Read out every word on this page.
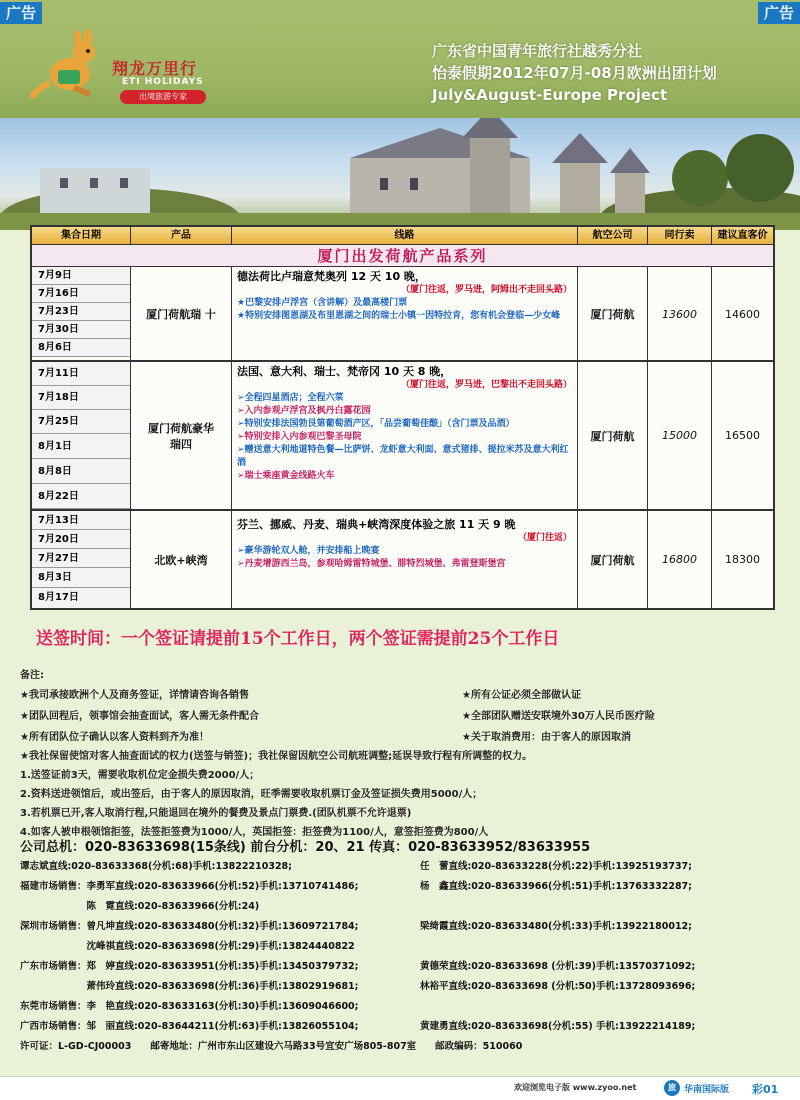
广告	广告
翔龙万里行
ETI HOLIDAYS
出境旅游专家
广东省中国青年旅行社越秀分社
怡泰假期2012年07月-08月欧洲出团计划
July&August-Europe Project
集合日期	产品	线路	航空公司	同行卖	建议直客价
厦门出发荷航产品系列
7月9日
7月16日
7月23日
7月30日
8月6日
厦门荷航瑞 十
德法荷比卢瑞意梵奥列 12 天 10 晚，
（厦门往返，罗马进，阿姆出不走回头路）
★巴黎安排卢浮宫（含讲解）及最高楼门票
★特别安排图恩湖及布里恩湖之间的瑞士小镇一因特拉肯，您有机会登临—少女峰	厦门荷航	13600	14600
7月11日
7月18日
7月25日
8月1日
8月8日
8月22日
厦门荷航豪华瑞四
法国、意大利、瑞士、梵帝冈 10 天 8 晚，
（厦门往返，罗马进，巴黎出不走回头路）
➢全程四星酒店；全程六菜
➢入内参观卢浮宫及枫丹白露花园
➢特别安排法国勃艮第葡萄酒产区，「品尝葡萄佳酿」（含门票及品酒）
➢特别安排入内参观巴黎圣母院
➢赠送意大利地道特色餐—比萨饼、龙虾意大利面、意式猪排、提拉米苏及意大利红酒
➢瑞士乘座黄金线路火车
厦门荷航	15000	16500
7月13日
7月20日
7月27日
8月3日
8月17日
北欧+峡湾
芬兰、挪威、丹麦、瑞典+峡湾深度体验之旅 11 天 9 晚
（厦门往返）
➢豪华游轮双人舱，并安排船上晚宴
➢丹麦增游西兰岛，参观哈姆雷特城堡、腓特烈城堡、弗雷登斯堡宫	厦门荷航	16800	18300
送签时间：一个签证请提前15个工作日，两个签证需提前25个工作日
备注:
★我司承接欧洲个人及商务签证，详情请咨询各销售
★团队回程后，领事馆会抽查面试，客人需无条件配合
★所有团队位子确认以客人资料到齐为准！
★所有公证必须全部做认证
★全部团队赠送安联境外30万人民币医疗险
★关于取消费用：由于客人的原因取消
★我社保留使馆对客人抽查面试的权力(送签与销签)；我社保留因航空公司航班调整;延误导致行程有所调整的权力。
1.送签证前3天，需要收取机位定金损失费2000/人；
2.资料送进领馆后，或出签后，由于客人的原因取消，旺季需要收取机票订金及签证损失费用5000/人；
3.若机票已开,客人取消行程,只能退回在境外的餐费及景点门票费.(团队机票不允许退票)
4.如客人被申根领馆拒签，法签拒签费为1000/人，英国拒签：拒签费为1100/人，意签拒签费为800/人
公司总机：020-83633698(15条线) 前台分机：20、21 传真：020-83633952/83633955
谭志斌直线:020-83633368(分机:68)手机:13822210328;	任　蕾直线:020-83633228(分机:22)手机:13925193737;
福建市场销售：李勇军直线:020-83633966(分机:52)手机:13710741486;	杨　鑫直线:020-83633966(分机:51)手机:13763332287;
　　　　　　　陈　霓直线:020-83633966(分机:24)
深圳市场销售：曾凡坤直线:020-83633480(分机:32)手机:13609721784;	梁绮霞直线:020-83633480(分机:33)手机:13922180012;
　　　　　　　沈峰祺直线:020-83633698(分机:29)手机:13824440822
广东市场销售：郑　婷直线:020-83633951(分机:35)手机:13450379732;	黄德荣直线:020-83633698 (分机:39)手机:13570371092;
　　　　　　　萧伟玲直线:020-83633698(分机:36)手机:13802919681;	林裕平直线:020-83633698 (分机:50)手机:13728093696;
东莞市场销售：李　艳直线:020-83633163(分机:30)手机:13609046600;
广西市场销售：邹　丽直线:020-83644211(分机:63)手机:13826055104;	黄建勇直线:020-83633698(分机:55) 手机:13922214189;
许可证：L-GD-CJ00003　　邮寄地址：广州市东山区建设六马路33号宜安广场805-807室　　邮政编码：510060
欢迎浏览电子版 www.zyoo.net	旅 华南国际版 彩01
